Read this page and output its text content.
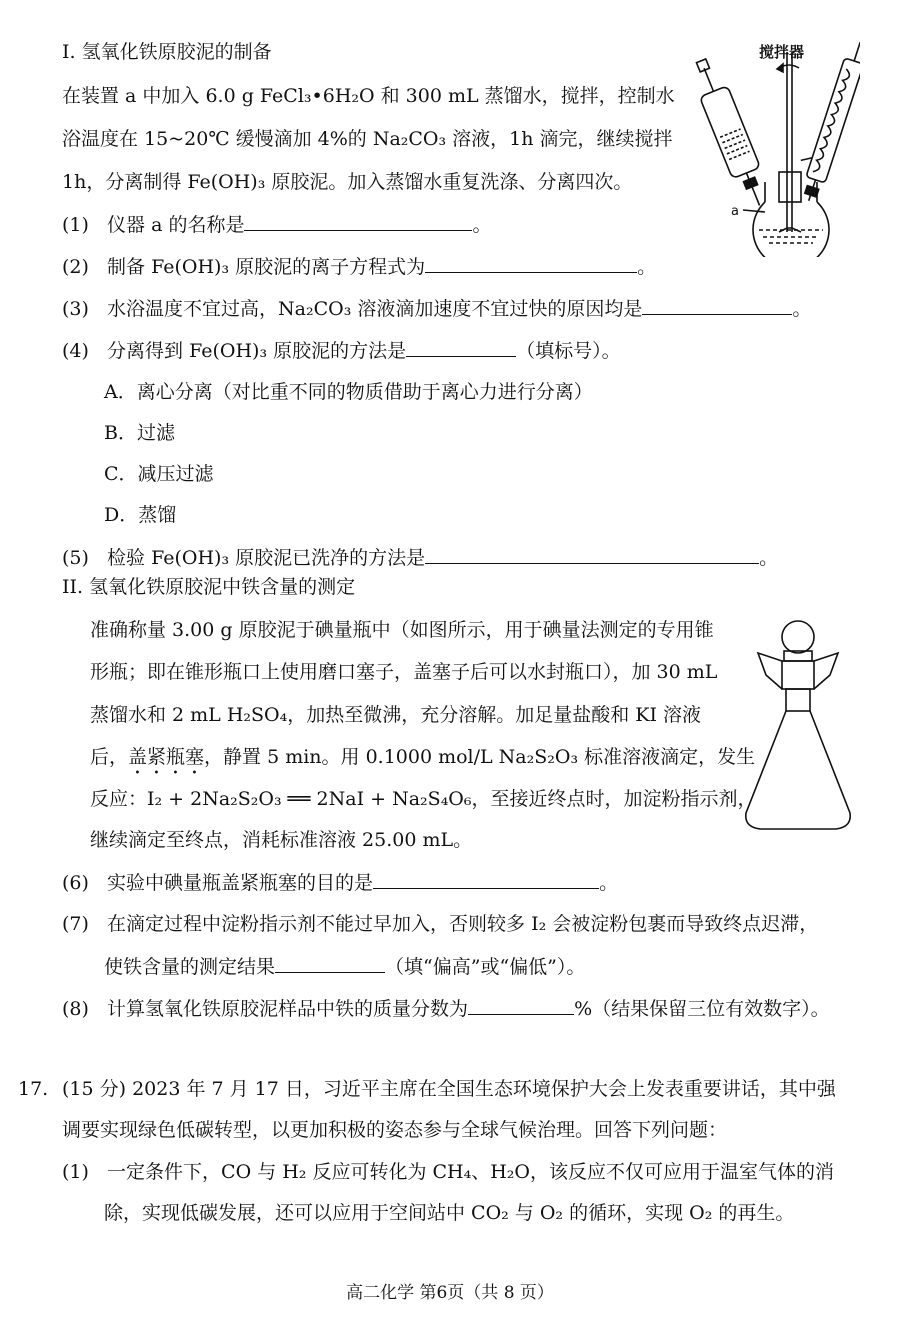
I. 氢氧化铁原胶泥的制备
在装置 a 中加入 6.0 g FeCl₃•6H₂O 和 300 mL 蒸馏水，搅拌，控制水
浴温度在 15~20℃ 缓慢滴加 4%的 Na₂CO₃ 溶液，1h 滴完，继续搅拌
1h，分离制得 Fe(OH)₃ 原胶泥。加入蒸馏水重复洗涤、分离四次。
(1) 仪器 a 的名称是	。
(2) 制备 Fe(OH)₃ 原胶泥的离子方程式为	。
(3) 水浴温度不宜过高，Na₂CO₃ 溶液滴加速度不宜过快的原因均是	。
(4) 分离得到 Fe(OH)₃ 原胶泥的方法是	（填标号）。
A．离心分离（对比重不同的物质借助于离心力进行分离）
B．过滤
C．减压过滤
D．蒸馏
(5) 检验 Fe(OH)₃ 原胶泥已洗净的方法是	。
搅拌器
a
II. 氢氧化铁原胶泥中铁含量的测定
准确称量 3.00 g 原胶泥于碘量瓶中（如图所示，用于碘量法测定的专用锥
形瓶；即在锥形瓶口上使用磨口塞子，盖塞子后可以水封瓶口），加 30 mL
蒸馏水和 2 mL H₂SO₄，加热至微沸，充分溶解。加足量盐酸和 KI 溶液
后，盖紧瓶塞，静置 5 min。用 0.1000 mol/L Na₂S₂O₃ 标准溶液滴定，发生
反应：I₂ + 2Na₂S₂O₃ ══ 2NaI + Na₂S₄O₆，至接近终点时，加淀粉指示剂，
继续滴定至终点，消耗标准溶液 25.00 mL。
(6) 实验中碘量瓶盖紧瓶塞的目的是	。
(7) 在滴定过程中淀粉指示剂不能过早加入，否则较多 I₂ 会被淀粉包裹而导致终点迟滞，
使铁含量的测定结果	（填“偏高”或“偏低”）。
(8) 计算氢氧化铁原胶泥样品中铁的质量分数为	%（结果保留三位有效数字）。
17. (15 分) 2023 年 7 月 17 日，习近平主席在全国生态环境保护大会上发表重要讲话，其中强
调要实现绿色低碳转型，以更加积极的姿态参与全球气候治理。回答下列问题：
(1) 一定条件下，CO 与 H₂ 反应可转化为 CH₄、H₂O，该反应不仅可应用于温室气体的消
除，实现低碳发展，还可以应用于空间站中 CO₂ 与 O₂ 的循环，实现 O₂ 的再生。
高二化学 第6页（共 8 页）
